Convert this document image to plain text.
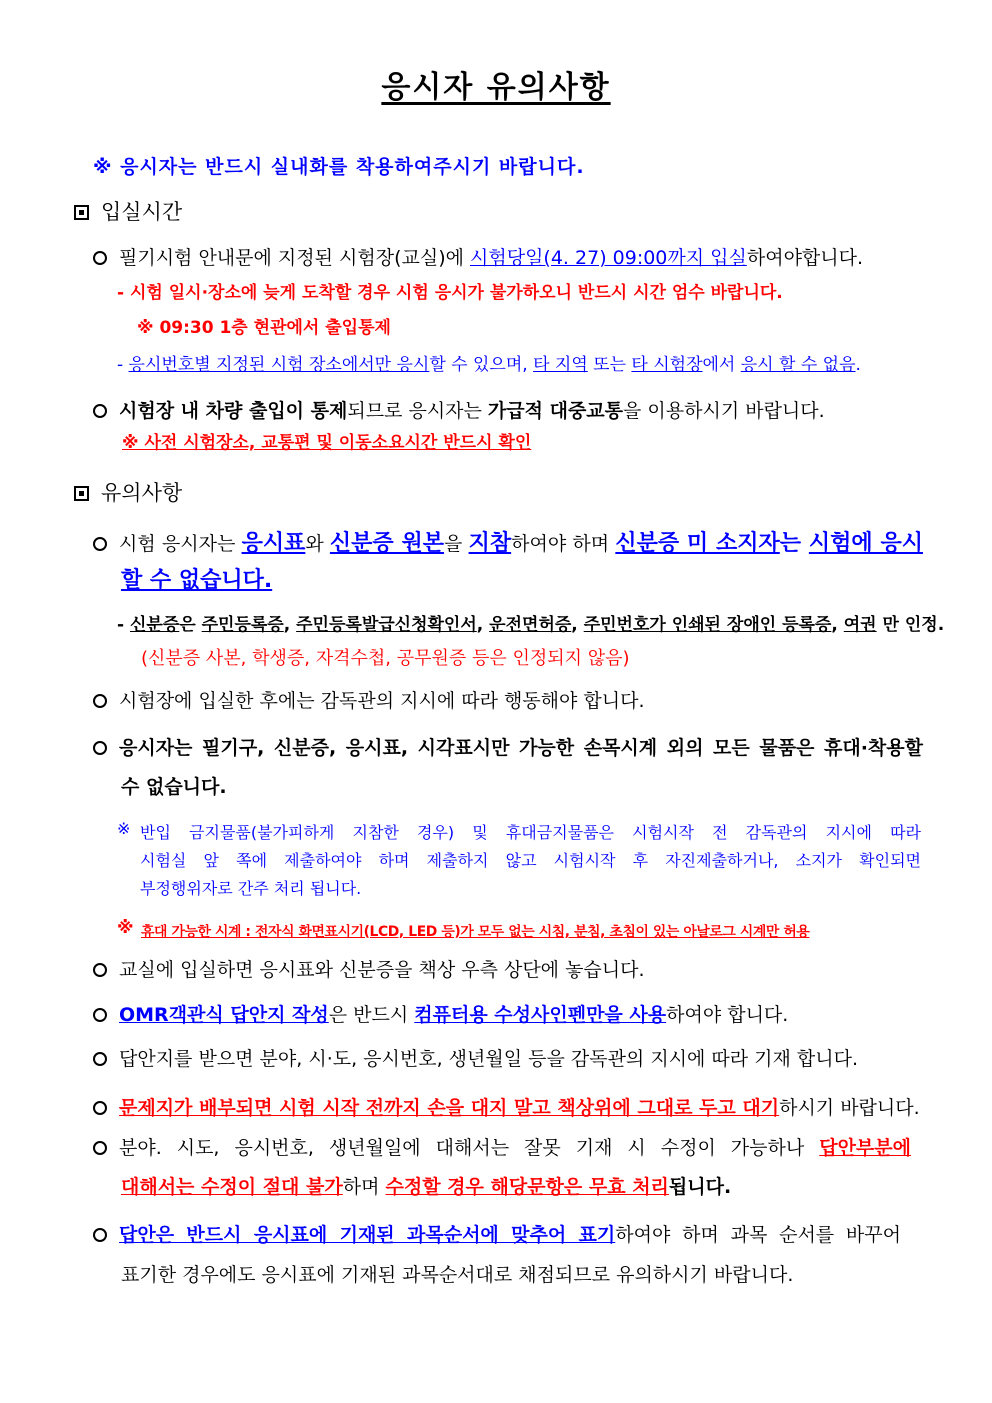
응시자 유의사항
※ 응시자는 반드시 실내화를 착용하여주시기 바랍니다.
입실시간
필기시험 안내문에 지정된 시험장(교실)에 시험당일(4. 27) 09:00까지 입실하여야합니다.
- 시험 일시·장소에 늦게 도착할 경우 시험 응시가 불가하오니 반드시 시간 엄수 바랍니다.
※ 09:30 1층 현관에서 출입통제
- 응시번호별 지정된 시험 장소에서만 응시할 수 있으며, 타 지역 또는 타 시험장에서 응시 할 수 없음.
시험장 내 차량 출입이 통제되므로 응시자는 가급적 대중교통을 이용하시기 바랍니다.
※ 사전 시험장소, 교통편 및 이동소요시간 반드시 확인
유의사항
시험 응시자는 응시표와 신분증 원본을 지참하여야 하며 신분증 미 소지자는 시험에 응시
할 수 없습니다.
- 신분증은 주민등록증, 주민등록발급신청확인서, 운전면허증, 주민번호가 인쇄된 장애인 등록증, 여권 만 인정.
(신분증 사본, 학생증, 자격수첩, 공무원증 등은 인정되지 않음)
시험장에 입실한 후에는 감독관의 지시에 따라 행동해야 합니다.
응시자는 필기구, 신분증, 응시표, 시각표시만 가능한 손목시계 외의 모든 물품은 휴대·착용할
수 없습니다.
※ 반입 금지물품(불가피하게 지참한 경우) 및 휴대금지물품은 시험시작 전 감독관의 지시에 따라
시험실 앞 쪽에 제출하여야 하며 제출하지 않고 시험시작 후 자진제출하거나, 소지가 확인되면
부정행위자로 간주 처리 됩니다.
※ 휴대 가능한 시계 : 전자식 화면표시기(LCD, LED 등)가 모두 없는 시침, 분침, 초침이 있는 아날로그 시계만 허용
교실에 입실하면 응시표와 신분증을 책상 우측 상단에 놓습니다.
OMR객관식 답안지 작성은 반드시 컴퓨터용 수성사인펜만을 사용하여야 합니다.
답안지를 받으면 분야, 시·도, 응시번호, 생년월일 등을 감독관의 지시에 따라 기재 합니다.
문제지가 배부되면 시험 시작 전까지 손을 대지 말고 책상위에 그대로 두고 대기하시기 바랍니다.
분야. 시도, 응시번호, 생년월일에 대해서는 잘못 기재 시 수정이 가능하나 답안부분에
대해서는 수정이 절대 불가하며 수정할 경우 해당문항은 무효 처리됩니다.
답안은 반드시 응시표에 기재된 과목순서에 맞추어 표기하여야 하며 과목 순서를 바꾸어
표기한 경우에도 응시표에 기재된 과목순서대로 채점되므로 유의하시기 바랍니다.
